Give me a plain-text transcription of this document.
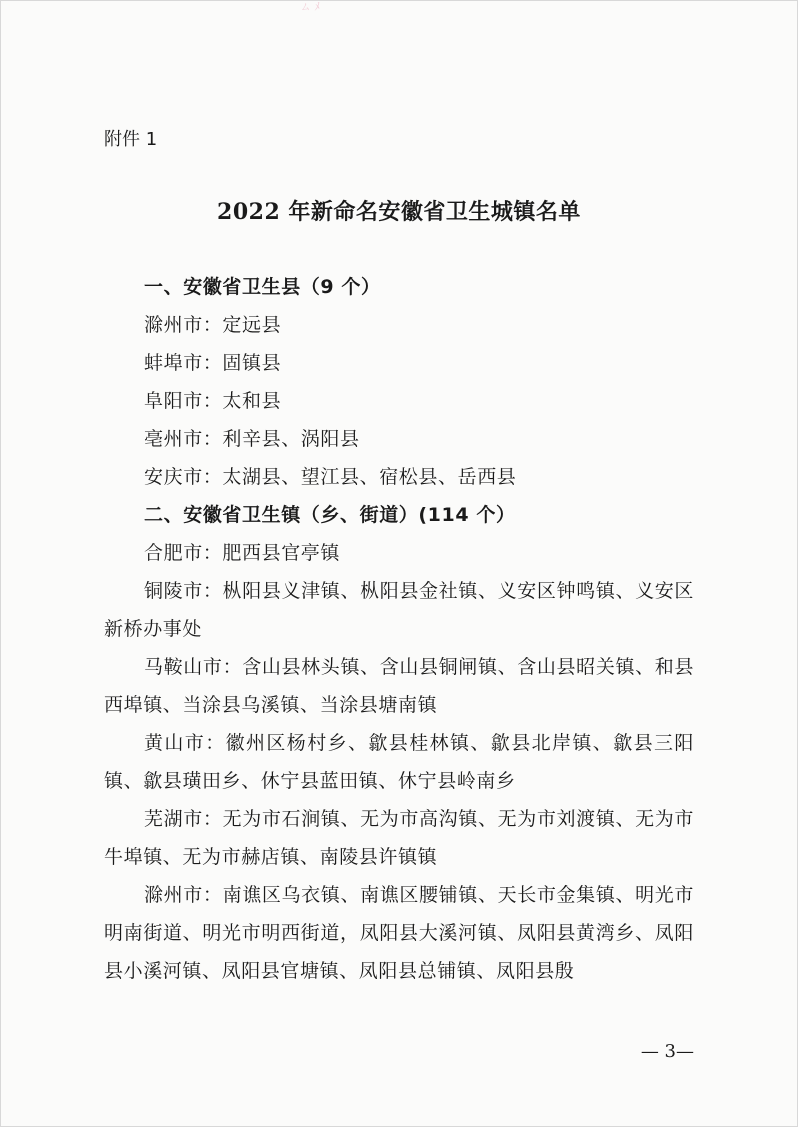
ㄙ ﾒ
附件 1
2022 年新命名安徽省卫生城镇名单

一、安徽省卫生县（9 个）

滁州市：定远县

蚌埠市：固镇县

阜阳市：太和县

亳州市：利辛县、涡阳县

安庆市：太湖县、望江县、宿松县、岳西县

二、安徽省卫生镇（乡、街道）(114 个）

合肥市：肥西县官亭镇

铜陵市：枞阳县义津镇、枞阳县金社镇、义安区钟鸣镇、义安区新桥办事处

马鞍山市：含山县林头镇、含山县铜闸镇、含山县昭关镇、和县西埠镇、当涂县乌溪镇、当涂县塘南镇

黄山市：徽州区杨村乡、歙县桂林镇、歙县北岸镇、歙县三阳镇、歙县璜田乡、休宁县蓝田镇、休宁县岭南乡

芜湖市：无为市石涧镇、无为市高沟镇、无为市刘渡镇、无为市牛埠镇、无为市赫店镇、南陵县许镇镇

滁州市：南谯区乌衣镇、南谯区腰铺镇、天长市金集镇、明光市明南街道、明光市明西街道，凤阳县大溪河镇、凤阳县黄湾乡、凤阳县小溪河镇、凤阳县官塘镇、凤阳县总铺镇、凤阳县殷

— 3—
